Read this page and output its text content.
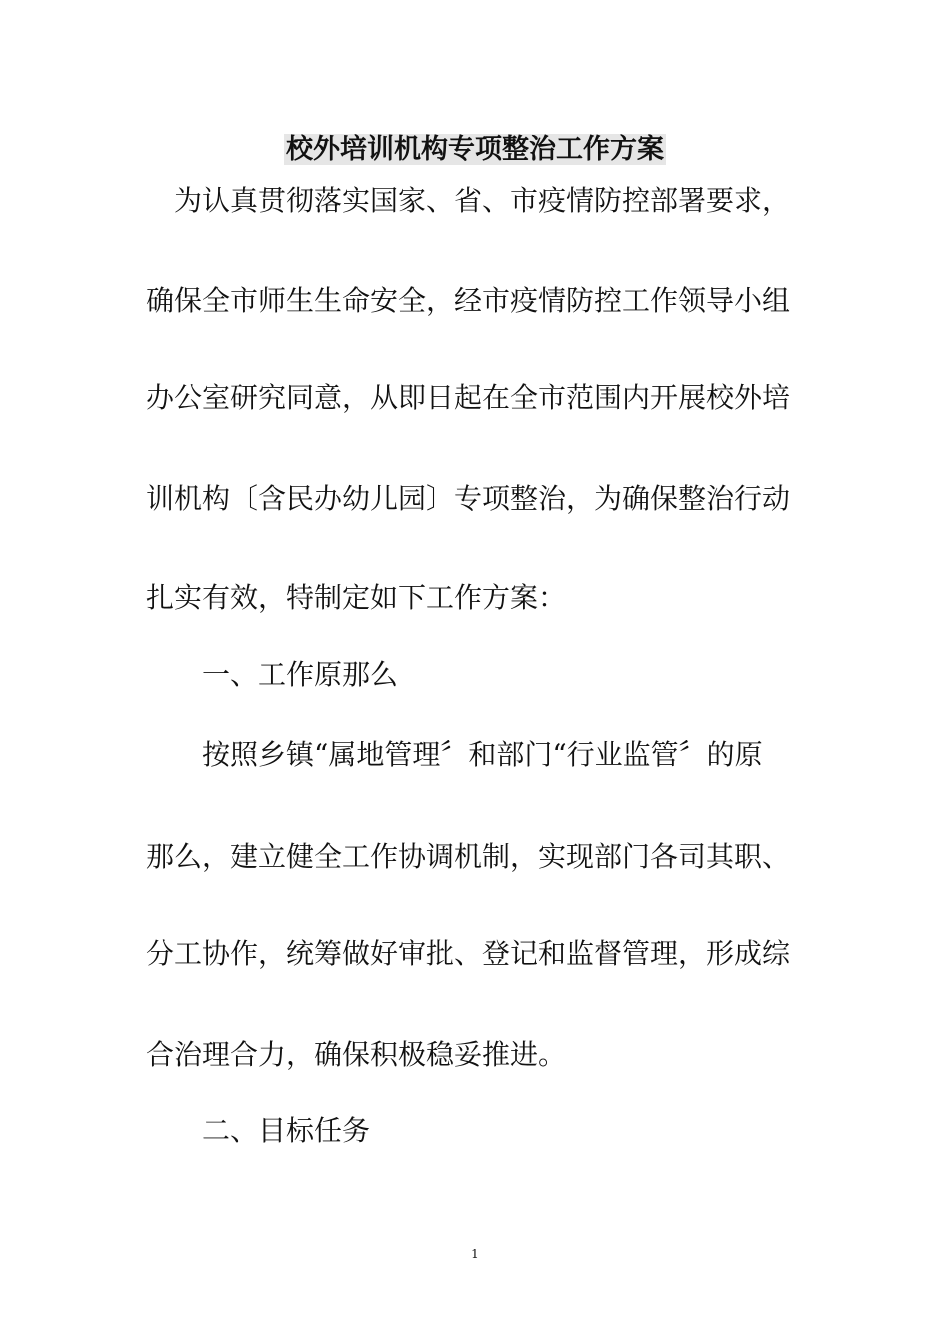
校外培训机构专项整治工作方案

　为认真贯彻落实国家、省、市疫情防控部署要求，

确保全市师生生命安全，经市疫情防控工作领导小组

办公室研究同意，从即日起在全市范围内开展校外培

训机构〔含民办幼儿园〕专项整治，为确保整治行动

扎实有效，特制定如下工作方案：

　　一、工作原那么

　　按照乡镇“属地管理〞和部门“行业监管〞的原

那么，建立健全工作协调机制，实现部门各司其职、

分工协作，统筹做好审批、登记和监督管理，形成综

合治理合力，确保积极稳妥推进。

　　二、目标任务

1
